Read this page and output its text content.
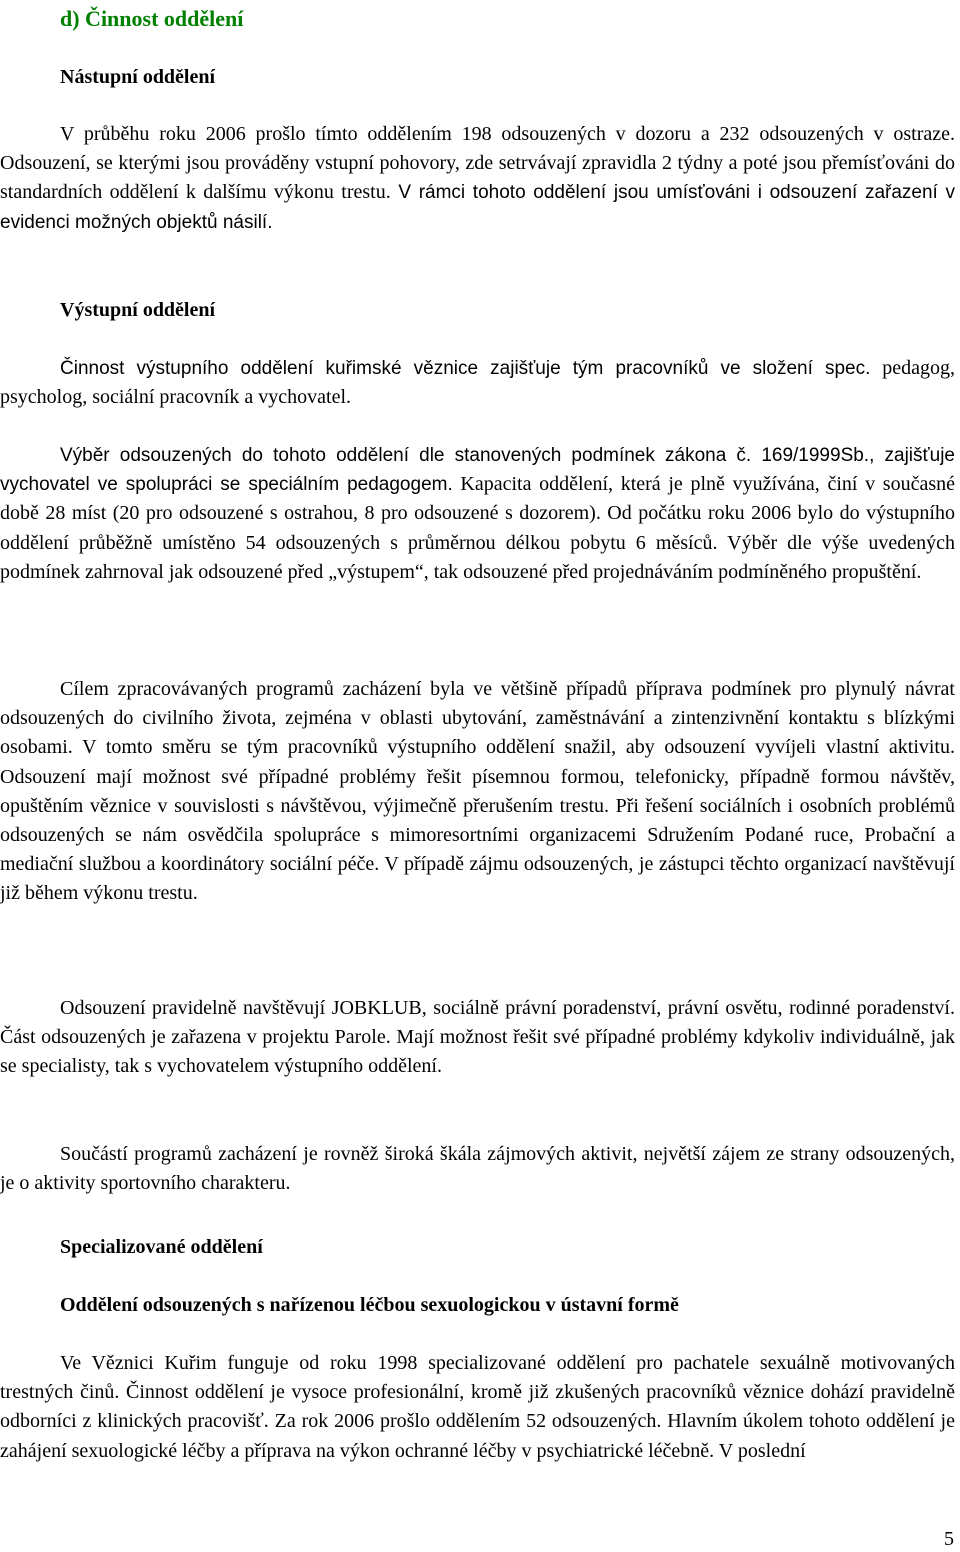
d) Činnost oddělení
Nástupní oddělení

V průběhu roku 2006 prošlo tímto oddělením 198 odsouzených v dozoru a 232 odsouzených v ostraze. Odsouzení, se kterými jsou prováděny vstupní pohovory, zde setrvávají zpravidla 2 týdny a poté jsou přemísťováni do standardních oddělení k dalšímu výkonu trestu. V rámci tohoto oddělení jsou umísťováni i odsouzení zařazení v evidenci možných objektů násilí.

Výstupní oddělení

Činnost výstupního oddělení kuřimské věznice zajišťuje tým pracovníků ve složení spec. pedagog, psycholog, sociální pracovník a vychovatel.

Výběr odsouzených do tohoto oddělení dle stanovených podmínek zákona č. 169/1999Sb., zajišťuje vychovatel ve spolupráci se speciálním pedagogem. Kapacita oddělení, která je plně využívána, činí v současné době 28 míst (20 pro odsouzené s ostrahou, 8 pro odsouzené s dozorem). Od počátku roku 2006 bylo do výstupního oddělení průběžně umístěno 54 odsouzených s průměrnou délkou pobytu 6 měsíců. Výběr dle výše uvedených podmínek zahrnoval jak odsouzené před „výstupem“, tak odsouzené před projednáváním podmíněného propuštění.

Cílem zpracovávaných programů zacházení byla ve většině případů příprava podmínek pro plynulý návrat odsouzených do civilního života, zejména v oblasti ubytování, zaměstnávání a zintenzivnění kontaktu s blízkými osobami. V tomto směru se tým pracovníků výstupního oddělení snažil, aby odsouzení vyvíjeli vlastní aktivitu. Odsouzení mají možnost své případné problémy řešit písemnou formou, telefonicky, případně formou návštěv, opuštěním věznice v souvislosti s návštěvou, výjimečně přerušením trestu. Při řešení sociálních i osobních problémů odsouzených se nám osvědčila spolupráce s mimoresortními organizacemi Sdružením Podané ruce, Probační a mediační službou a koordinátory sociální péče. V případě zájmu odsouzených, je zástupci těchto organizací navštěvují již během výkonu trestu.

Odsouzení pravidelně navštěvují JOBKLUB, sociálně právní poradenství, právní osvětu, rodinné poradenství. Část odsouzených je zařazena v projektu Parole. Mají možnost řešit své případné problémy kdykoliv individuálně, jak se specialisty, tak s vychovatelem výstupního oddělení.

Součástí programů zacházení je rovněž široká škála zájmových aktivit, největší zájem ze strany odsouzených, je o aktivity sportovního charakteru.

Specializované oddělení
Oddělení odsouzených s nařízenou léčbou sexuologickou v ústavní formě

Ve Věznici Kuřim funguje od roku 1998 specializované oddělení pro pachatele sexuálně motivovaných trestných činů. Činnost oddělení je vysoce profesionální, kromě již zkušených pracovníků věznice dohází pravidelně odborníci z klinických pracovišť. Za rok 2006 prošlo oddělením 52 odsouzených. Hlavním úkolem tohoto oddělení je zahájení sexuologické léčby a příprava na výkon ochranné léčby v psychiatrické léčebně. V poslední

5
